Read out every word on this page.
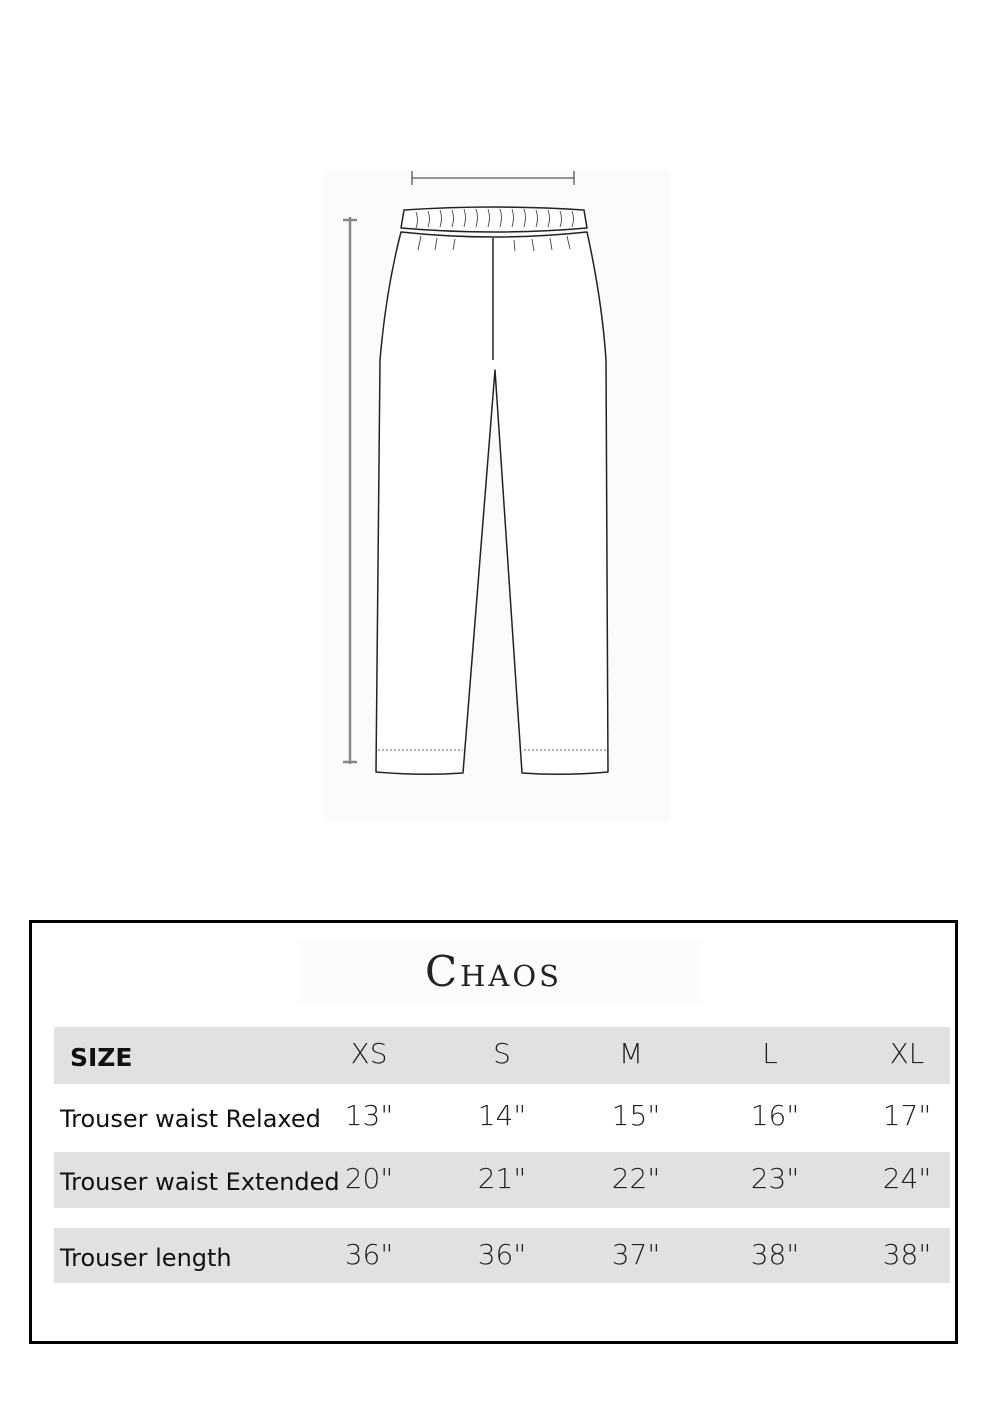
Chaos
SIZE	XS	S	M	L	XL
Trouser waist Relaxed 13"	14"	15"	16"	17"
Trouser waist Extended 20"	21"	22"	23"	24"
Trouser length	36"	36"	37"	38"	38"
